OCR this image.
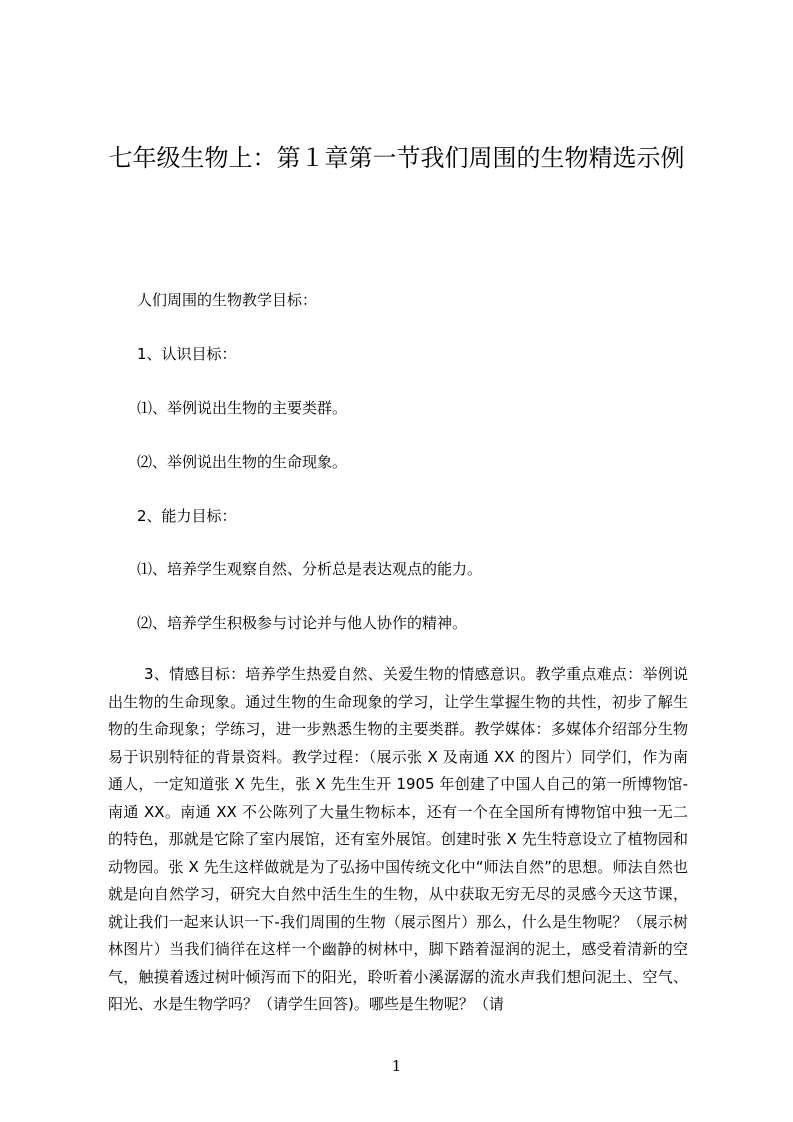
七年级生物上：第１章第一节我们周围的生物精选示例

人们周围的生物教学目标：

1、认识目标：

⑴、举例说出生物的主要类群。

⑵、举例说出生物的生命现象。

2、能力目标：

⑴、培养学生观察自然、分析总是表达观点的能力。

⑵、培养学生积极参与讨论并与他人协作的精神。

3、情感目标：培养学生热爱自然、关爱生物的情感意识。教学重点难点：举例说出生物的生命现象。通过生物的生命现象的学习，让学生掌握生物的共性，初步了解生物的生命现象；学练习，进一步熟悉生物的主要类群。教学媒体：多媒体介绍部分生物易于识别特征的背景资料。教学过程：（展示张 X 及南通 XX 的图片）同学们，作为南通人，一定知道张 X 先生，张 X 先生生开 1905 年创建了中国人自己的第一所博物馆-南通 XX。南通 XX 不公陈列了大量生物标本，还有一个在全国所有博物馆中独一无二的特色，那就是它除了室内展馆，还有室外展馆。创建时张 X 先生特意设立了植物园和动物园。张 X 先生这样做就是为了弘扬中国传统文化中“师法自然”的思想。师法自然也就是向自然学习，研究大自然中活生生的生物，从中获取无穷无尽的灵感今天这节课，就让我们一起来认识一下-我们周围的生物（展示图片）那么，什么是生物呢？（展示树林图片）当我们徜徉在这样一个幽静的树林中，脚下踏着湿润的泥土，感受着清新的空气，触摸着透过树叶倾泻而下的阳光，聆听着小溪潺潺的流水声我们想问泥土、空气、阳光、水是生物学吗？（请学生回答)。哪些是生物呢？（请

1
